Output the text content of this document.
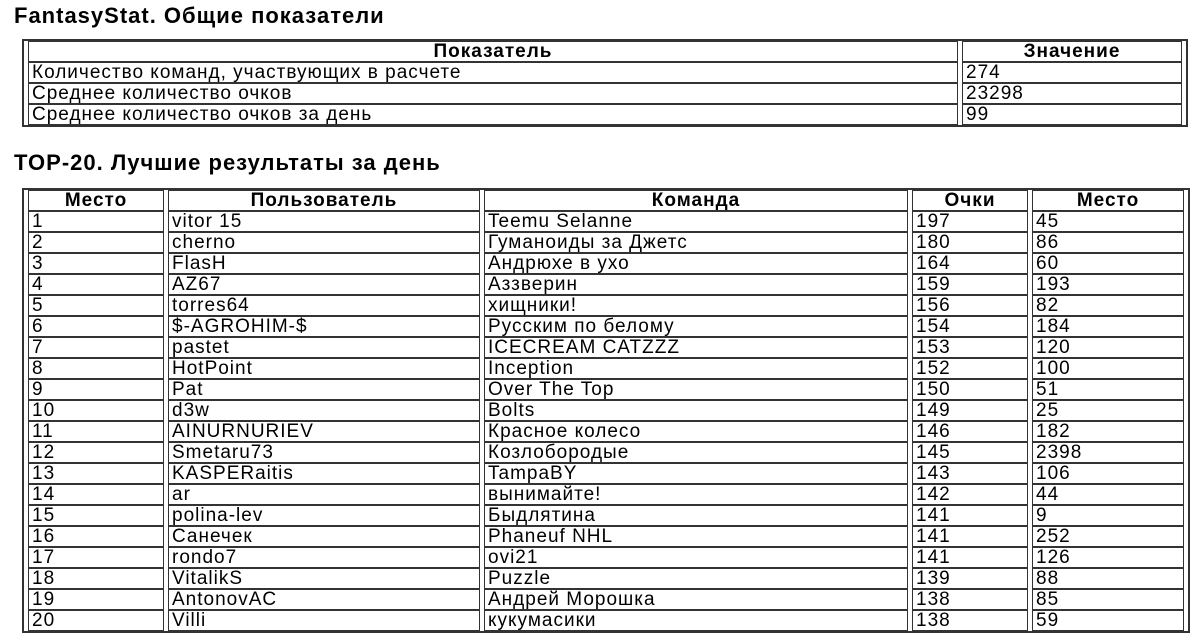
FantasyStat. Общие показатели
Показатель	Значение
Количество команд, участвующих в расчете	274
Среднее количество очков	23298
Среднее количество очков за день	99
TOP-20. Лучшие результаты за день
Место	Пользователь	Команда	Очки	Место
1	vitor 15	Teemu Selanne	197	45
2	cherno	Гуманоиды за Джетс	180	86
3	FlasH	Андрюхе в ухо	164	60
4	AZ67	Аззверин	159	193
5	torres64	хищники!	156	82
6	$-AGROHIM-$	Русским по белому	154	184
7	pastet	ICECREAM CATZZZ	153	120
8	HotPoint	Inception	152	100
9	Pat	Over The Top	150	51
10	d3w	Bolts	149	25
11	AINURNURIEV	Красное колесо	146	182
12	Smetaru73	Козлобородые	145	2398
13	KASPERaitis	TampaBY	143	106
14	ar	вынимайте!	142	44
15	polina-lev	Быдлятина	141	9
16	Санечек	Phaneuf NHL	141	252
17	rondo7	ovi21	141	126
18	VitalikS	Puzzle	139	88
19	AntonovAC	Андрей Морошка	138	85
20	Villi	кукумасики	138	59
